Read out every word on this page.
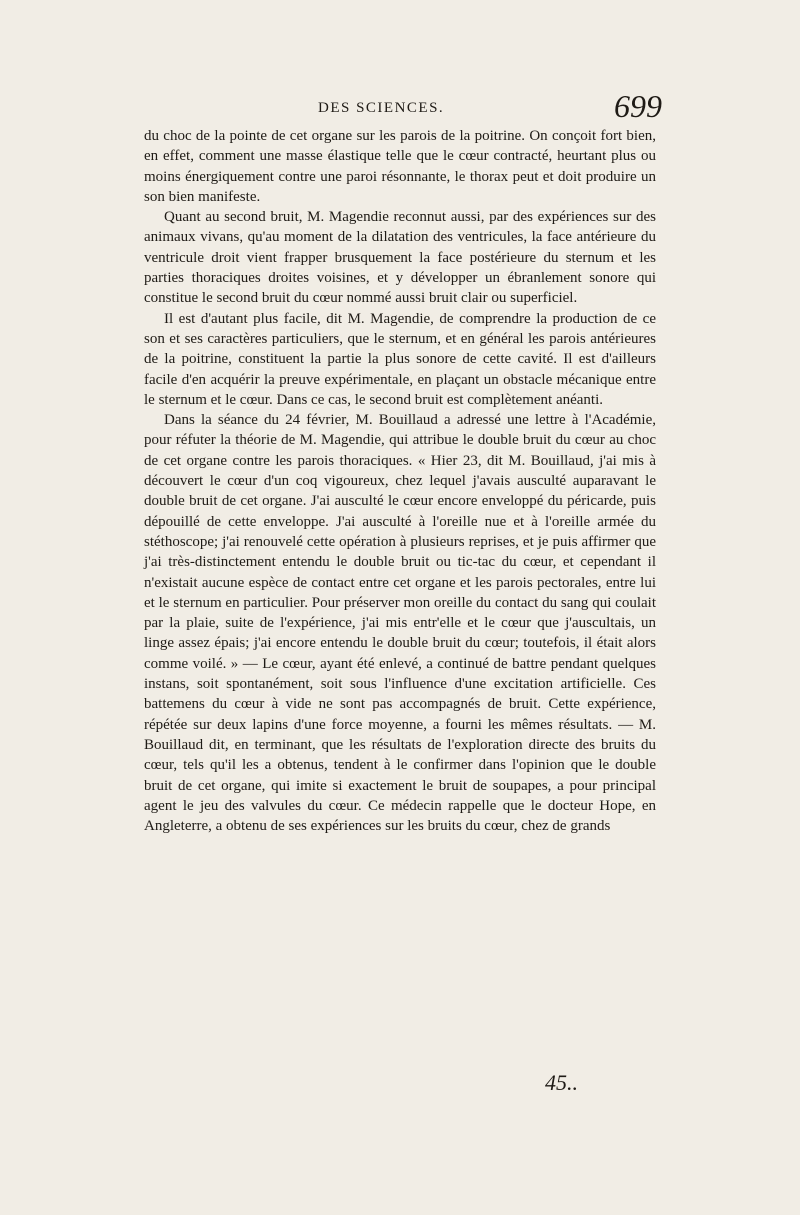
DES SCIENCES.	699

du choc de la pointe de cet organe sur les parois de la poitrine. On conçoit fort bien, en effet, comment une masse élastique telle que le cœur contracté, heurtant plus ou moins énergiquement contre une paroi résonnante, le thorax peut et doit produire un son bien manifeste.

Quant au second bruit, M. Magendie reconnut aussi, par des expériences sur des animaux vivans, qu'au moment de la dilatation des ventricules, la face antérieure du ventricule droit vient frapper brusquement la face postérieure du sternum et les parties thoraciques droites voisines, et y développer un ébranlement sonore qui constitue le second bruit du cœur nommé aussi bruit clair ou superficiel.

Il est d'autant plus facile, dit M. Magendie, de comprendre la production de ce son et ses caractères particuliers, que le sternum, et en général les parois antérieures de la poitrine, constituent la partie la plus sonore de cette cavité. Il est d'ailleurs facile d'en acquérir la preuve expérimentale, en plaçant un obstacle mécanique entre le sternum et le cœur. Dans ce cas, le second bruit est complètement anéanti.

Dans la séance du 24 février, M. Bouillaud a adressé une lettre à l'Académie, pour réfuter la théorie de M. Magendie, qui attribue le double bruit du cœur au choc de cet organe contre les parois thoraciques. « Hier 23, dit M. Bouillaud, j'ai mis à découvert le cœur d'un coq vigoureux, chez lequel j'avais ausculté auparavant le double bruit de cet organe. J'ai ausculté le cœur encore enveloppé du péricarde, puis dépouillé de cette enveloppe. J'ai ausculté à l'oreille nue et à l'oreille armée du stéthoscope; j'ai renouvelé cette opération à plusieurs reprises, et je puis affirmer que j'ai très-distinctement entendu le double bruit ou tic-tac du cœur, et cependant il n'existait aucune espèce de contact entre cet organe et les parois pectorales, entre lui et le sternum en particulier. Pour préserver mon oreille du contact du sang qui coulait par la plaie, suite de l'expérience, j'ai mis entr'elle et le cœur que j'auscultais, un linge assez épais; j'ai encore entendu le double bruit du cœur; toutefois, il était alors comme voilé. » — Le cœur, ayant été enlevé, a continué de battre pendant quelques instans, soit spontanément, soit sous l'influence d'une excitation artificielle. Ces battemens du cœur à vide ne sont pas accompagnés de bruit. Cette expérience, répétée sur deux lapins d'une force moyenne, a fourni les mêmes résultats. — M. Bouillaud dit, en terminant, que les résultats de l'exploration directe des bruits du cœur, tels qu'il les a obtenus, tendent à le confirmer dans l'opinion que le double bruit de cet organe, qui imite si exactement le bruit de soupapes, a pour principal agent le jeu des valvules du cœur. Ce médecin rappelle que le docteur Hope, en Angleterre, a obtenu de ses expériences sur les bruits du cœur, chez de grands

45..
